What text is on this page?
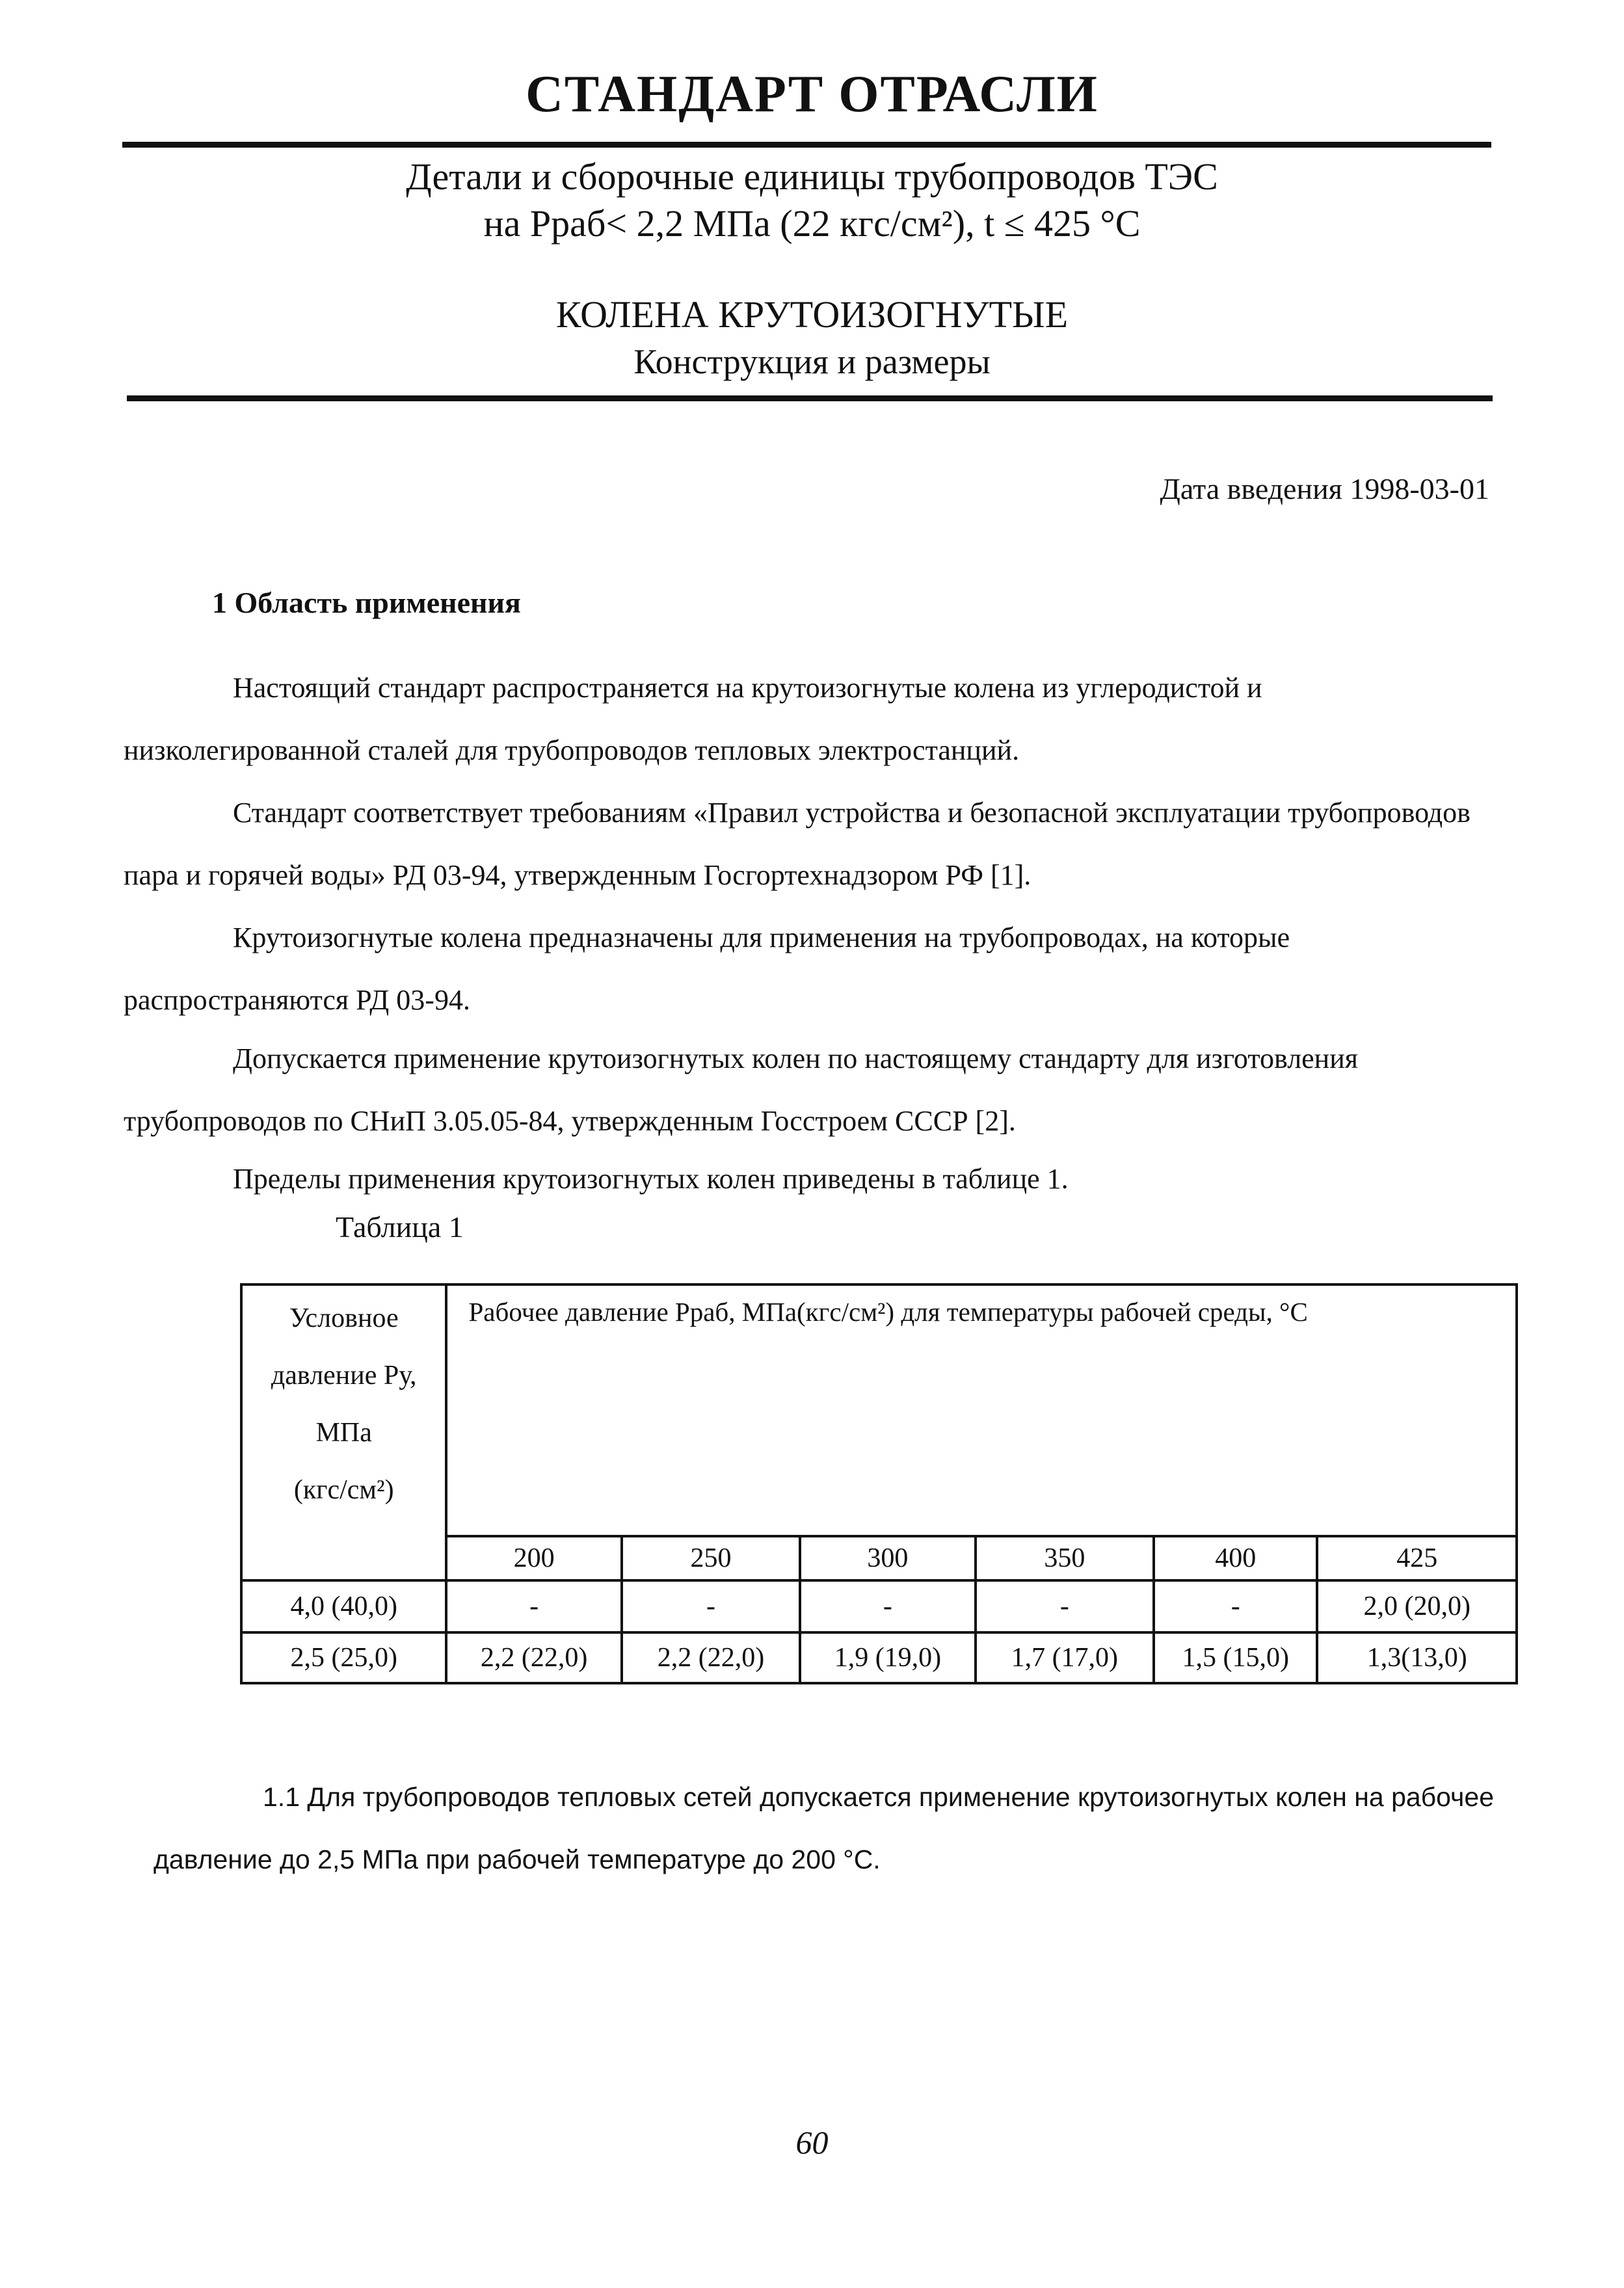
СТАНДАРТ ОТРАСЛИ
Детали и сборочные единицы трубопроводов ТЭС
на Рраб< 2,2 МПа (22 кгс/см²), t ≤ 425 °С
КОЛЕНА КРУТОИЗОГНУТЫЕ
Конструкция и размеры
Дата введения 1998-03-01
1 Область применения
Настоящий стандарт распространяется на крутоизогнутые колена из углеродистой и низколегированной сталей для трубопроводов тепловых электростанций.
Стандарт соответствует требованиям «Правил устройства и безопасной эксплуатации трубопроводов пара и горячей воды» РД 03-94, утвержденным Госгортехнадзором РФ [1].
Крутоизогнутые колена предназначены для применения на трубопроводах, на которые распространяются РД 03-94.
Допускается применение крутоизогнутых колен по настоящему стандарту для изготовления трубопроводов по СНиП 3.05.05-84, утвержденным Госстроем СССР [2].
Пределы применения крутоизогнутых колен приведены в таблице 1.
Таблица 1
Условное
давление Ру,
МПа
(кгс/см²)	Рабочее давление Рраб, МПа(кгс/см²) для температуры рабочей среды, °С					
	200	250	300	350	400	425
4,0 (40,0)	-	-	-	-	-	2,0 (20,0)
2,5 (25,0)	2,2 (22,0)	2,2 (22,0)	1,9 (19,0)	1,7 (17,0)	1,5 (15,0)	1,3(13,0)
1.1 Для трубопроводов тепловых сетей допускается применение крутоизогнутых колен на рабочее давление до 2,5 МПа при рабочей температуре до 200 °С.
60
